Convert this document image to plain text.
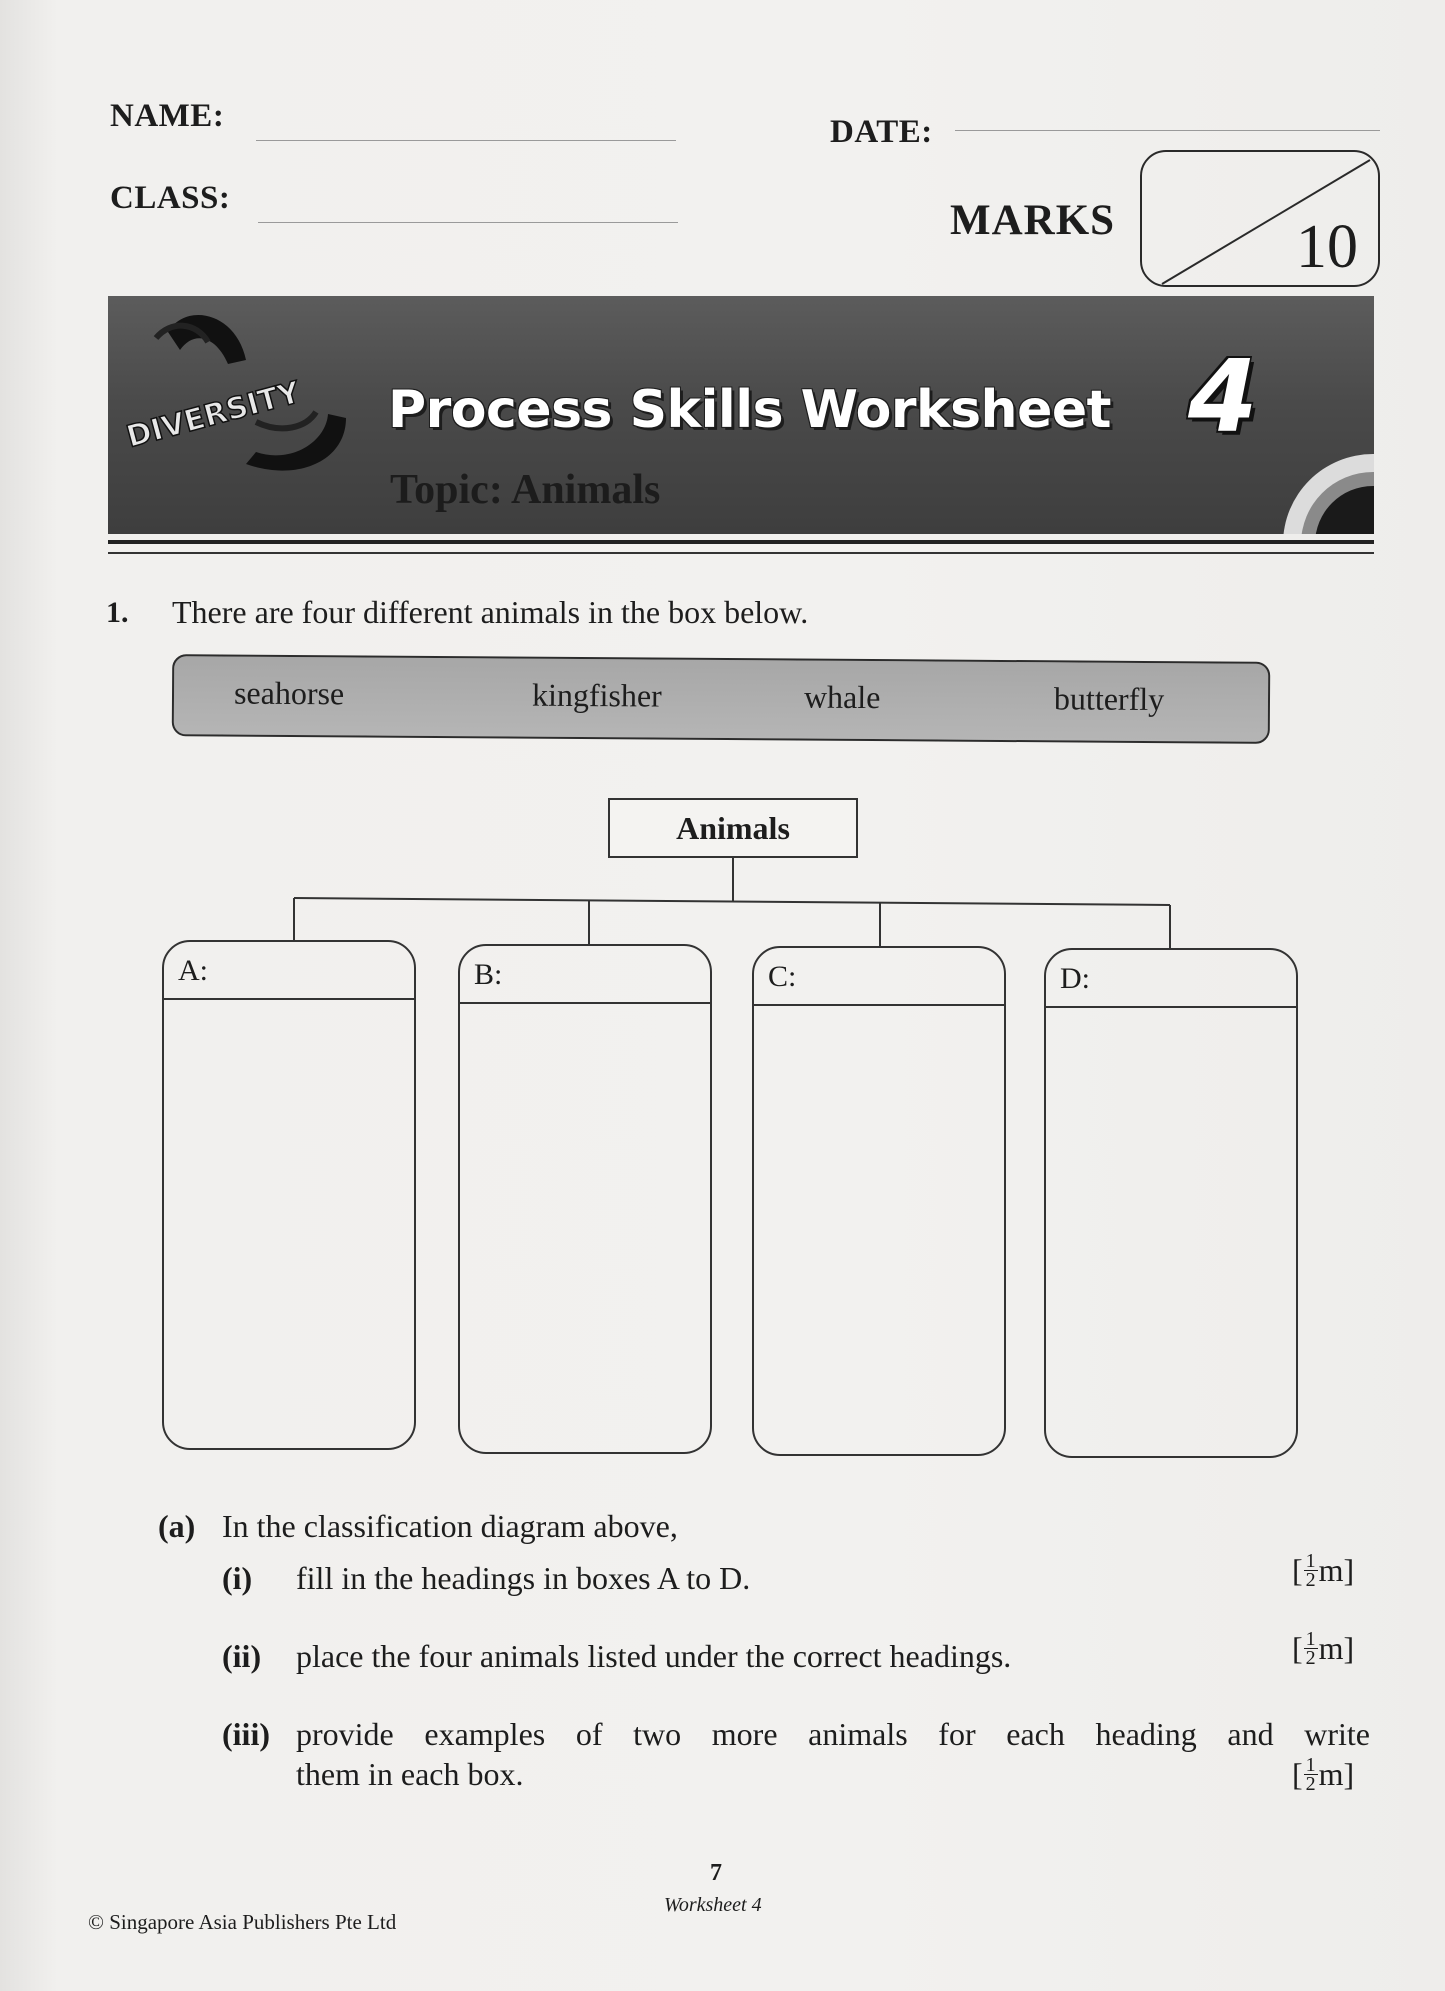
NAME:	DATE:
CLASS:	MARKS	10
DIVERSITY Process Skills Worksheet
Topic: Animals
4
1. There are four different animals in the box below.
seahorse	kingfisher	whale	butterfly
Animals
A:	B:	C:	D:
(a) In the classification diagram above,
(i) fill in the headings in boxes A to D.	[ $\frac{1}{2} m$]
(ii) place the four animals listed under the correct headings.	[ $\frac{1}{2} m$]
(iii) provide examples of two more animals for each heading and write
them in each box.	[ $\frac{1}{2} m$]
7
Worksheet 4
© Singapore Asia Publishers Pte Ltd
